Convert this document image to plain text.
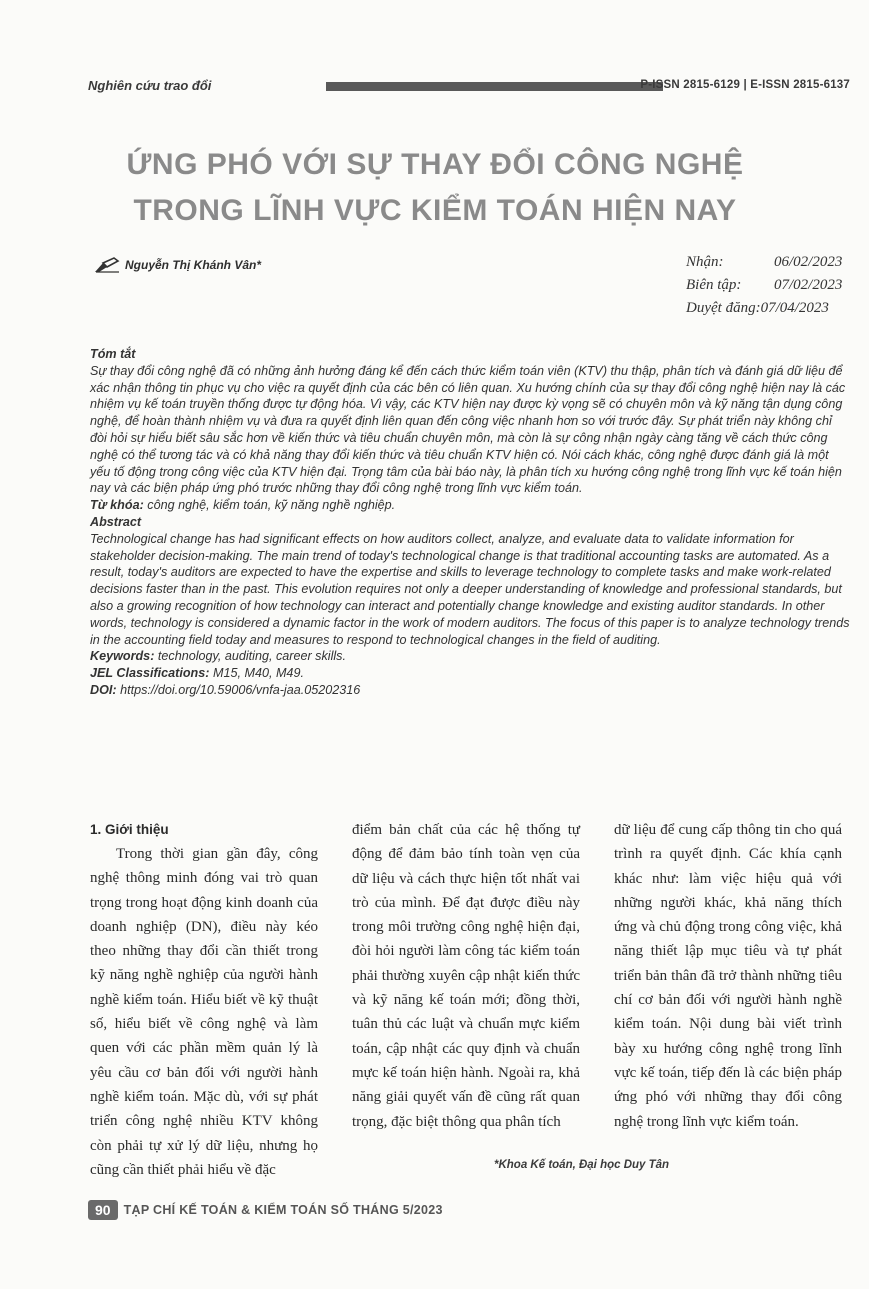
Nghiên cứu trao đổi	P-ISSN 2815-6129 | E-ISSN 2815-6137
ỨNG PHÓ VỚI SỰ THAY ĐỔI CÔNG NGHỆ
TRONG LĨNH VỰC KIỂM TOÁN HIỆN NAY
Nguyễn Thị Khánh Vân*	Nhận:	06/02/2023
Biên tập:	07/02/2023
Duyệt đăng: 07/04/2023

Tóm tắt

Sự thay đổi công nghệ đã có những ảnh hưởng đáng kể đến cách thức kiểm toán viên (KTV) thu thập, phân tích và đánh giá dữ liệu để xác nhận thông tin phục vụ cho việc ra quyết định của các bên có liên quan. Xu hướng chính của sự thay đổi công nghệ hiện nay là các nhiệm vụ kế toán truyền thống được tự động hóa. Vì vậy, các KTV hiện nay được kỳ vọng sẽ có chuyên môn và kỹ năng tận dụng công nghệ, để hoàn thành nhiệm vụ và đưa ra quyết định liên quan đến công việc nhanh hơn so với trước đây. Sự phát triển này không chỉ đòi hỏi sự hiểu biết sâu sắc hơn về kiến thức và tiêu chuẩn chuyên môn, mà còn là sự công nhận ngày càng tăng về cách thức công nghệ có thể tương tác và có khả năng thay đổi kiến thức và tiêu chuẩn KTV hiện có. Nói cách khác, công nghệ được đánh giá là một yếu tố động trong công việc của KTV hiện đại. Trọng tâm của bài báo này, là phân tích xu hướng công nghệ trong lĩnh vực kế toán hiện nay và các biện pháp ứng phó trước những thay đổi công nghệ trong lĩnh vực kiểm toán.

Từ khóa: công nghệ, kiểm toán, kỹ năng nghề nghiệp.

Abstract

Technological change has had significant effects on how auditors collect, analyze, and evaluate data to validate information for stakeholder decision-making. The main trend of today's technological change is that traditional accounting tasks are automated. As a result, today's auditors are expected to have the expertise and skills to leverage technology to complete tasks and make work-related decisions faster than in the past. This evolution requires not only a deeper understanding of knowledge and professional standards, but also a growing recognition of how technology can interact and potentially change knowledge and existing auditor standards. In other words, technology is considered a dynamic factor in the work of modern auditors. The focus of this paper is to analyze technology trends in the accounting field today and measures to respond to technological changes in the field of auditing.

Keywords: technology, auditing, career skills.

JEL Classifications: M15, M40, M49.

DOI: https://doi.org/10.59006/vnfa-jaa.05202316

1. Giới thiệu

Trong thời gian gần đây, công nghệ thông minh đóng vai trò quan trọng trong hoạt động kinh doanh của doanh nghiệp (DN), điều này kéo theo những thay đổi cần thiết trong kỹ năng nghề nghiệp của người hành nghề kiểm toán. Hiểu biết về kỹ thuật số, hiểu biết về công nghệ và làm quen với các phần mềm quản lý là yêu cầu cơ bản đối với người hành nghề kiểm toán. Mặc dù, với sự phát triển công nghệ nhiều KTV không còn phải tự xử lý dữ liệu, nhưng họ cũng cần thiết phải hiểu về đặc

điểm bản chất của các hệ thống tự động để đảm bảo tính toàn vẹn của dữ liệu và cách thực hiện tốt nhất vai trò của mình. Để đạt được điều này trong môi trường công nghệ hiện đại, đòi hỏi người làm công tác kiểm toán phải thường xuyên cập nhật kiến thức và kỹ năng kế toán mới; đồng thời, tuân thủ các luật và chuẩn mực kiểm toán, cập nhật các quy định và chuẩn mực kế toán hiện hành. Ngoài ra, khả năng giải quyết vấn đề cũng rất quan trọng, đặc biệt thông qua phân tích

dữ liệu để cung cấp thông tin cho quá trình ra quyết định. Các khía cạnh khác như: làm việc hiệu quả với những người khác, khả năng thích ứng và chủ động trong công việc, khả năng thiết lập mục tiêu và tự phát triển bản thân đã trở thành những tiêu chí cơ bản đối với người hành nghề kiểm toán. Nội dung bài viết trình bày xu hướng công nghệ trong lĩnh vực kế toán, tiếp đến là các biện pháp ứng phó với những thay đổi công nghệ trong lĩnh vực kiểm toán.

*Khoa Kế toán, Đại học Duy Tân
90	TẠP CHÍ KẾ TOÁN & KIỂM TOÁN SỐ THÁNG 5/2023
